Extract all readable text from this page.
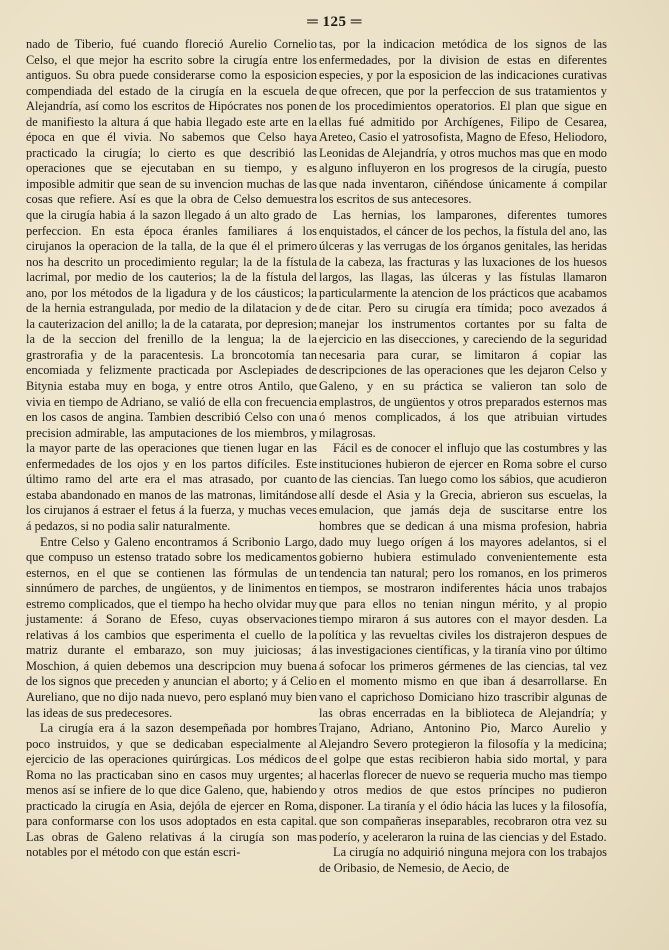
═ 125 ═

nado de Tiberio, fué cuando floreció Aurelio Cornelio Celso, el que mejor ha escrito sobre la cirugía entre los antiguos. Su obra puede considerarse como la esposicion compendiada del estado de la cirugía en la escuela de Alejandría, así como los escritos de Hipócrates nos ponen de manifiesto la altura á que habia llegado este arte en la época en que él vivia. No sabemos que Celso haya practicado la cirugía; lo cierto es que describió las operaciones que se ejecutaban en su tiempo, y es imposible admitir que sean de su invencion muchas de las cosas que refiere. Así es que la obra de Celso demuestra que la cirugía habia á la sazon llegado á un alto grado de perfeccion. En esta época éranles familiares á los cirujanos la operacion de la talla, de la que él el primero nos ha descrito un procedimiento regular; la de la fístula lacrimal, por medio de los cauterios; la de la fístula del ano, por los métodos de la ligadura y de los cáusticos; la de la hernia estrangulada, por medio de la dilatacion y de la cauterizacion del anillo; la de la catarata, por depresion; la de la seccion del frenillo de la lengua; la de la grastrorafia y de la paracentesis. La broncotomía tan encomiada y felizmente practicada por Asclepiades de Bitynia estaba muy en boga, y entre otros Antilo, que vivia en tiempo de Adriano, se valió de ella con frecuencia en los casos de angina. Tambien describió Celso con una precision admirable, las amputaciones de los miembros, y la mayor parte de las operaciones que tienen lugar en las enfermedades de los ojos y en los partos difíciles. Este último ramo del arte era el mas atrasado, por cuanto estaba abandonado en manos de las matronas, limitándose los cirujanos á estraer el fetus á la fuerza, y muchas veces á pedazos, si no podia salir naturalmente.

Entre Celso y Galeno encontramos á Scribonio Largo, que compuso un estenso tratado sobre los medicamentos esternos, en el que se contienen las fórmulas de un sinnúmero de parches, de ungüentos, y de linimentos en estremo complicados, que el tiempo ha hecho olvidar muy justamente: á Sorano de Efeso, cuyas observaciones relativas á los cambios que esperimenta el cuello de la matriz durante el embarazo, son muy juiciosas; á Moschion, á quien debemos una descripcion muy buena de los signos que preceden y anuncian el aborto; y á Celio Aureliano, que no dijo nada nuevo, pero esplanó muy bien las ideas de sus predecesores.

La cirugía era á la sazon desempeñada por hombres poco instruidos, y que se dedicaban especialmente al ejercicio de las operaciones quirúrgicas. Los médicos de Roma no las practicaban sino en casos muy urgentes; al menos así se infiere de lo que dice Galeno, que, habiendo practicado la cirugía en Asia, dejóla de ejercer en Roma, para conformarse con los usos adoptados en esta capital. Las obras de Galeno relativas á la cirugía son mas notables por el método con que están escri-

tas, por la indicacion metódica de los signos de las enfermedades, por la division de estas en diferentes especies, y por la esposicion de las indicaciones curativas que ofrecen, que por la perfeccion de sus tratamientos y de los procedimientos operatorios. El plan que sigue en ellas fué admitido por Archígenes, Filipo de Cesarea, Areteo, Casio el yatrosofista, Magno de Efeso, Heliodoro, Leonidas de Alejandría, y otros muchos mas que en modo alguno influyeron en los progresos de la cirugía, puesto que nada inventaron, ciñéndose únicamente á compilar los escritos de sus antecesores.

Las hernias, los lamparones, diferentes tumores enquistados, el cáncer de los pechos, la fístula del ano, las úlceras y las verrugas de los órganos genitales, las heridas de la cabeza, las fracturas y las luxaciones de los huesos largos, las llagas, las úlceras y las fístulas llamaron particularmente la atencion de los prácticos que acabamos de citar. Pero su cirugía era tímida; poco avezados á manejar los instrumentos cortantes por su falta de ejercicio en las disecciones, y careciendo de la seguridad necesaria para curar, se limitaron á copiar las descripciones de las operaciones que les dejaron Celso y Galeno, y en su práctica se valieron tan solo de emplastros, de ungüentos y otros preparados esternos mas ó menos complicados, á los que atribuian virtudes milagrosas.

Fácil es de conocer el influjo que las costumbres y las instituciones hubieron de ejercer en Roma sobre el curso de las ciencias. Tan luego como los sábios, que acudieron allí desde el Asia y la Grecia, abrieron sus escuelas, la emulacion, que jamás deja de suscitarse entre los hombres que se dedican á una misma profesion, habria dado muy luego orígen á los mayores adelantos, si el gobierno hubiera estimulado convenientemente esta tendencia tan natural; pero los romanos, en los primeros tiempos, se mostraron indiferentes hácia unos trabajos que para ellos no tenian ningun mérito, y al propio tiempo miraron á sus autores con el mayor desden. La política y las revueltas civiles los distrajeron despues de las investigaciones científicas, y la tiranía vino por último á sofocar los primeros gérmenes de las ciencias, tal vez en el momento mismo en que iban á desarrollarse. En vano el caprichoso Domiciano hizo trascribir algunas de las obras encerradas en la biblioteca de Alejandría; y Trajano, Adriano, Antonino Pio, Marco Aurelio y Alejandro Severo protegieron la filosofía y la medicina; el golpe que estas recibieron habia sido mortal, y para hacerlas florecer de nuevo se requeria mucho mas tiempo y otros medios de que estos príncipes no pudieron disponer. La tiranía y el ódio hácia las luces y la filosofía, que son compañeras inseparables, recobraron otra vez su poderío, y aceleraron la ruina de las ciencias y del Estado.

La cirugía no adquirió ninguna mejora con los trabajos de Oribasio, de Nemesio, de Aecio, de
